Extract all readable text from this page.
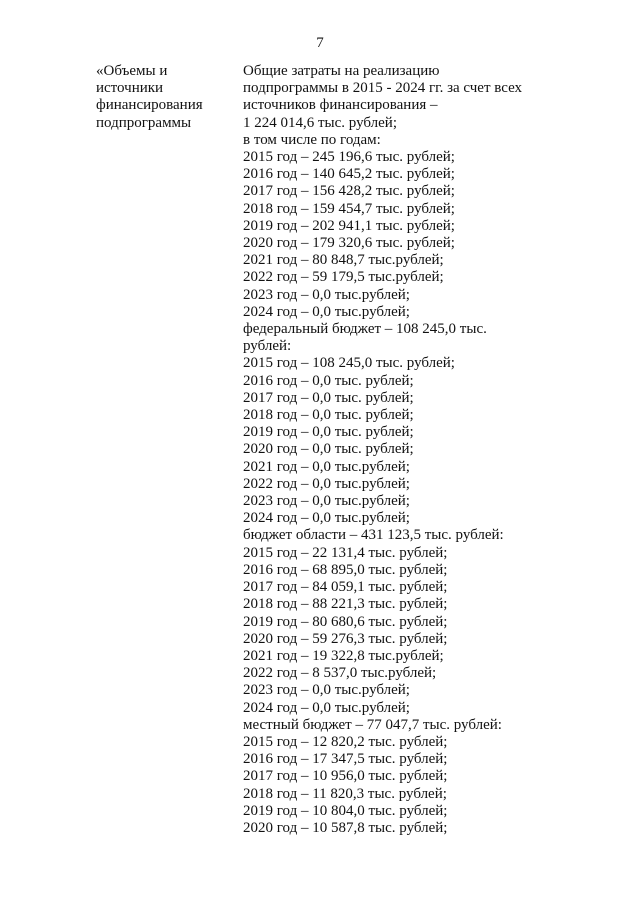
7
«Объемы и
источники
финансирования
подпрограммы
Общие затраты на реализацию
подпрограммы в 2015 - 2024 гг. за счет всех
источников финансирования –
1 224 014,6 тыс. рублей;
в том числе по годам:
2015 год – 245 196,6 тыс. рублей;
2016 год – 140 645,2 тыс. рублей;
2017 год – 156 428,2 тыс. рублей;
2018 год – 159 454,7 тыс. рублей;
2019 год – 202 941,1 тыс. рублей;
2020 год – 179 320,6 тыс. рублей;
2021 год – 80 848,7 тыс.рублей;
2022 год – 59 179,5 тыс.рублей;
2023 год – 0,0 тыс.рублей;
2024 год – 0,0 тыс.рублей;
федеральный бюджет – 108 245,0 тыс.
рублей:
2015 год – 108 245,0 тыс. рублей;
2016 год – 0,0 тыс. рублей;
2017 год – 0,0 тыс. рублей;
2018 год – 0,0 тыс. рублей;
2019 год – 0,0 тыс. рублей;
2020 год – 0,0 тыс. рублей;
2021 год – 0,0 тыс.рублей;
2022 год – 0,0 тыс.рублей;
2023 год – 0,0 тыс.рублей;
2024 год – 0,0 тыс.рублей;
бюджет области – 431 123,5 тыс. рублей:
2015 год – 22 131,4 тыс. рублей;
2016 год – 68 895,0 тыс. рублей;
2017 год – 84 059,1 тыс. рублей;
2018 год – 88 221,3 тыс. рублей;
2019 год – 80 680,6 тыс. рублей;
2020 год – 59 276,3 тыс. рублей;
2021 год – 19 322,8 тыс.рублей;
2022 год – 8 537,0 тыс.рублей;
2023 год – 0,0 тыс.рублей;
2024 год – 0,0 тыс.рублей;
местный бюджет – 77 047,7 тыс. рублей:
2015 год – 12 820,2 тыс. рублей;
2016 год – 17 347,5 тыс. рублей;
2017 год – 10 956,0 тыс. рублей;
2018 год – 11 820,3 тыс. рублей;
2019 год – 10 804,0 тыс. рублей;
2020 год – 10 587,8 тыс. рублей;
